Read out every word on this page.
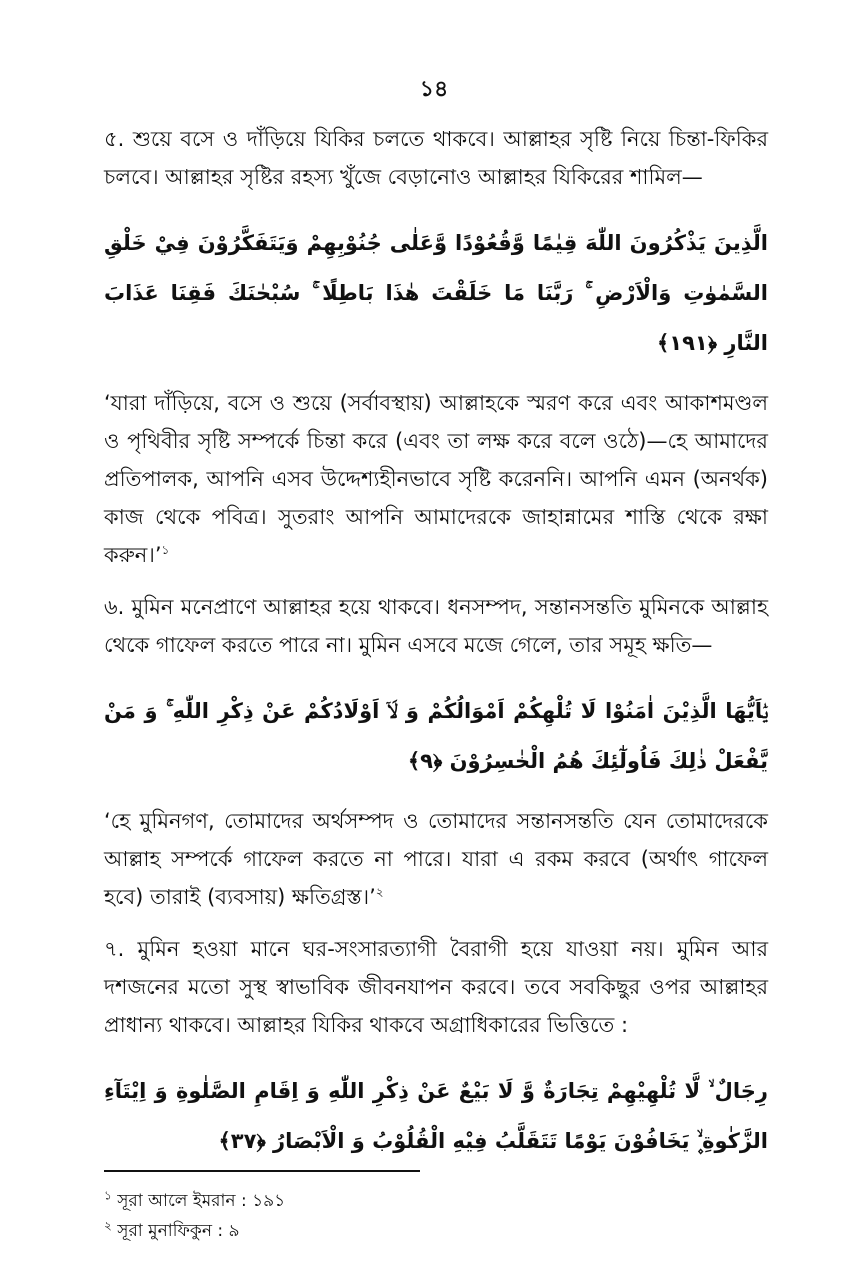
১৪

৫. শুয়ে বসে ও দাঁড়িয়ে যিকির চলতে থাকবে। আল্লাহর সৃষ্টি নিয়ে চিন্তা-ফিকির চলবে। আল্লাহর সৃষ্টির রহস্য খুঁজে বেড়ানোও আল্লাহর যিকিরের শামিল—

الَّذِينَ يَذْكُرُونَ اللّٰهَ قِيٰمًا وَّقُعُوْدًا وَّعَلٰى جُنُوْبِهِمْ وَيَتَفَكَّرُوْنَ فِيْ خَلْقِ السَّمٰوٰتِ وَالْاَرْضِ ۚ رَبَّنَا مَا خَلَقْتَ هٰذَا بَاطِلًا ۚ سُبْحٰنَكَ فَقِنَا عَذَابَ النَّارِ ﴿١٩١﴾

‘যারা দাঁড়িয়ে, বসে ও শুয়ে (সর্বাবস্থায়) আল্লাহকে স্মরণ করে এবং আকাশমণ্ডল ও পৃথিবীর সৃষ্টি সম্পর্কে চিন্তা করে (এবং তা লক্ষ করে বলে ওঠে)—হে আমাদের প্রতিপালক, আপনি এসব উদ্দেশ্যহীনভাবে সৃষ্টি করেননি। আপনি এমন (অনর্থক) কাজ থেকে পবিত্র। সুতরাং আপনি আমাদেরকে জাহান্নামের শাস্তি থেকে রক্ষা করুন।’$^১$

৬. মুমিন মনেপ্রাণে আল্লাহর হয়ে থাকবে। ধনসম্পদ, সন্তানসন্ততি মুমিনকে আল্লাহ থেকে গাফেল করতে পারে না। মুমিন এসবে মজে গেলে, তার সমূহ ক্ষতি—

يٰۤاَيُّهَا الَّذِيْنَ اٰمَنُوْا لَا تُلْهِكُمْ اَمْوَالُكُمْ وَ لَاۤ اَوْلَادُكُمْ عَنْ ذِكْرِ اللّٰهِ ۚ وَ مَنْ يَّفْعَلْ ذٰلِكَ فَاُولٰٓئِكَ هُمُ الْخٰسِرُوْنَ ﴿٩﴾

‘হে মুমিনগণ, তোমাদের অর্থসম্পদ ও তোমাদের সন্তানসন্ততি যেন তোমাদেরকে আল্লাহ সম্পর্কে গাফেল করতে না পারে। যারা এ রকম করবে (অর্থাৎ গাফেল হবে) তারাই (ব্যবসায়) ক্ষতিগ্রস্ত।’$^২$

৭. মুমিন হওয়া মানে ঘর-সংসারত্যাগী বৈরাগী হয়ে যাওয়া নয়। মুমিন আর দশজনের মতো সুস্থ স্বাভাবিক জীবনযাপন করবে। তবে সবকিছুর ওপর আল্লাহর প্রাধান্য থাকবে। আল্লাহর যিকির থাকবে অগ্রাধিকারের ভিত্তিতে :

رِجَالٌ ۙ لَّا تُلْهِيْهِمْ تِجَارَةٌ وَّ لَا بَيْعٌ عَنْ ذِكْرِ اللّٰهِ وَ اِقَامِ الصَّلٰوةِ وَ اِيْتَآءِ الزَّكٰوةِ ۪ۙ يَخَافُوْنَ يَوْمًا تَتَقَلَّبُ فِيْهِ الْقُلُوْبُ وَ الْاَبْصَارُ ﴿٣٧﴾

$^১$ সূরা আলে ইমরান : ১৯১

$^২$ সূরা মুনাফিকুন : ৯
